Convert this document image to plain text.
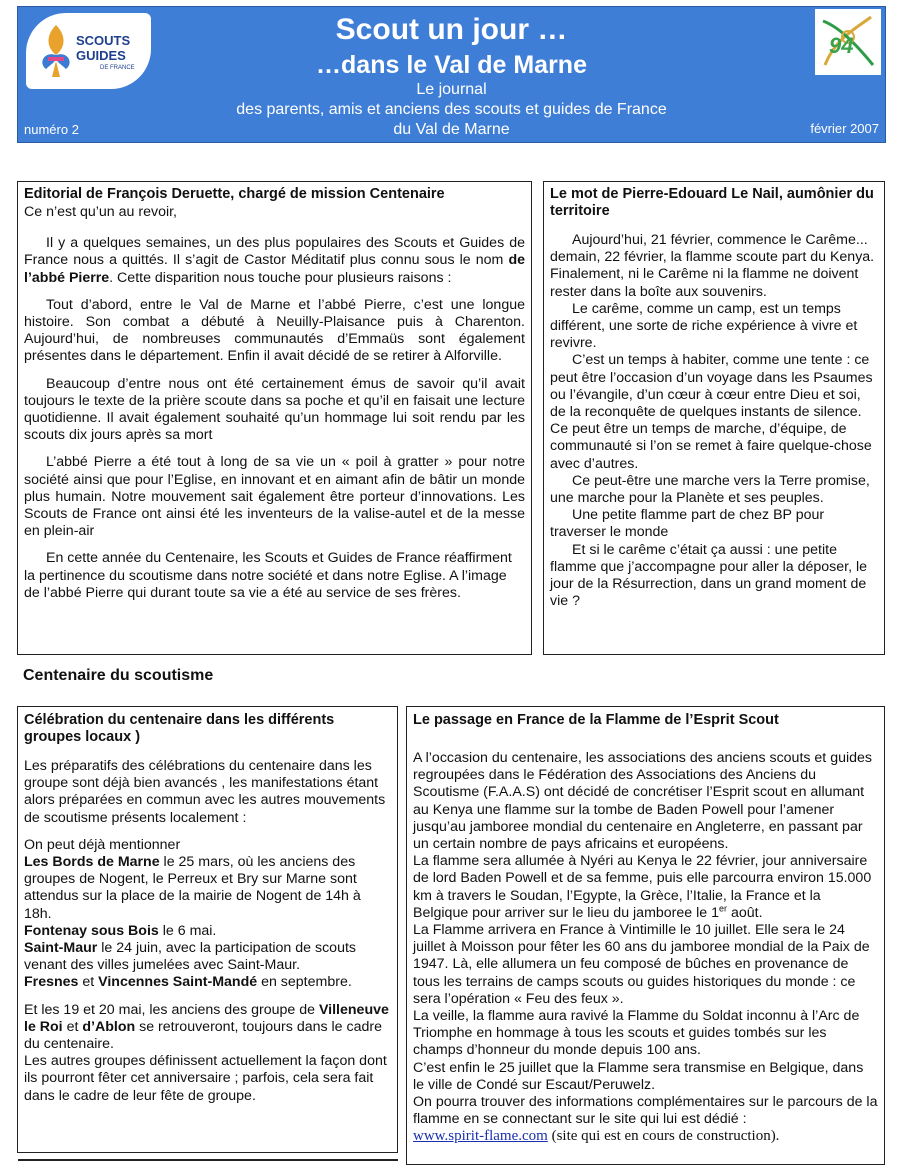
SCOUTS
GUIDES
DE FRANCE
Scout un jour …
…dans le Val de Marne
Le journal
des parents, amis et anciens des scouts et guides de France
du Val de Marne
94
numéro 2	février 2007
Editorial de François Deruette, chargé de mission Centenaire

Ce n’est qu’un au revoir,

Il y a quelques semaines, un des plus populaires des Scouts et Guides de France nous a quittés. Il s’agit de Castor Méditatif plus connu sous le nom de l’abbé Pierre. Cette disparition nous touche pour plusieurs raisons :

Tout d’abord, entre le Val de Marne et l’abbé Pierre, c’est une longue histoire. Son combat a débuté à Neuilly-Plaisance puis à Charenton. Aujourd’hui, de nombreuses communautés d’Emmaüs sont également présentes dans le département. Enfin il avait décidé de se retirer à Alforville.

Beaucoup d’entre nous ont été certainement émus de savoir qu’il avait toujours le texte de la prière scoute dans sa poche et qu’il en faisait une lecture quotidienne. Il avait également souhaité qu’un hommage lui soit rendu par les scouts dix jours après sa mort

L’abbé Pierre a été tout à long de sa vie un « poil à gratter » pour notre société ainsi que pour l’Eglise, en innovant et en aimant afin de bâtir un monde plus humain. Notre mouvement sait également être porteur d’innovations. Les Scouts de France ont ainsi été les inventeurs de la valise-autel et de la messe en plein-air

En cette année du Centenaire, les Scouts et Guides de France réaffirment la pertinence du scoutisme dans notre société et dans notre Eglise. A l’image de l’abbé Pierre qui durant toute sa vie a été au service de ses frères.

Le mot de Pierre-Edouard Le Nail, aumônier du territoire

Aujourd’hui, 21 février, commence le Carême... demain, 22 février, la flamme scoute part du Kenya.

Finalement, ni le Carême ni la flamme ne doivent rester dans la boîte aux souvenirs.

Le carême, comme un camp, est un temps différent, une sorte de riche expérience à vivre et revivre.

C’est un temps à habiter, comme une tente : ce peut être l’occasion d’un voyage dans les Psaumes ou l’évangile, d’un cœur à cœur entre Dieu et soi, de la reconquête de quelques instants de silence. Ce peut être un temps de marche, d’équipe, de communauté si l’on se remet à faire quelque-chose avec d’autres.

Ce peut-être une marche vers la Terre promise, une marche pour la Planète et ses peuples.

Une petite flamme part de chez BP pour traverser le monde

Et si le carême c’était ça aussi : une petite flamme que j’accompagne pour aller la déposer, le jour de la Résurrection, dans un grand moment de vie ?

Centenaire du scoutisme
Célébration du centenaire dans les différents groupes locaux )

Les préparatifs des célébrations du centenaire dans les groupe sont déjà bien avancés , les manifestations étant alors préparées en commun avec les autres mouvements de scoutisme présents localement :

On peut déjà mentionner

Les Bords de Marne le 25 mars, où les anciens des groupes de Nogent, le Perreux et Bry sur Marne sont attendus sur la place de la mairie de Nogent de 14h à 18h.

Fontenay sous Bois le 6 mai.

Saint-Maur le 24 juin, avec la participation de scouts venant des villes jumelées avec Saint-Maur.

Fresnes et Vincennes Saint-Mandé en septembre.

Et les 19 et 20 mai, les anciens des groupe de Villeneuve le Roi et d’Ablon se retrouveront, toujours dans le cadre du centenaire.

Les autres groupes définissent actuellement la façon dont ils pourront fêter cet anniversaire ; parfois, cela sera fait dans le cadre de leur fête de groupe.

Le passage en France de la Flamme de l’Esprit Scout

A l’occasion du centenaire, les associations des anciens scouts et guides regroupées dans le Fédération des Associations des Anciens du Scoutisme (F.A.A.S) ont décidé de concrétiser l’Esprit scout en allumant au Kenya une flamme sur la tombe de Baden Powell pour l’amener jusqu’au jamboree mondial du centenaire en Angleterre, en passant par un certain nombre de pays africains et européens.

La flamme sera allumée à Nyéri au Kenya le 22 février, jour anniversaire de lord Baden Powell et de sa femme, puis elle parcourra environ 15.000 km à travers le Soudan, l’Egypte, la Grèce, l’Italie, la France et la Belgique pour arriver sur le lieu du jamboree le 1er août.

La Flamme arrivera en France à Vintimille le 10 juillet. Elle sera le 24 juillet à Moisson pour fêter les 60 ans du jamboree mondial de la Paix de 1947. Là, elle allumera un feu composé de bûches en provenance de tous les terrains de camps scouts ou guides historiques du monde : ce sera l’opération « Feu des feux ».

La veille, la flamme aura ravivé la Flamme du Soldat inconnu à l’Arc de Triomphe en hommage à tous les scouts et guides tombés sur les champs d’honneur du monde depuis 100 ans.

C’est enfin le 25 juillet que la Flamme sera transmise en Belgique, dans le ville de Condé sur Escaut/Peruwelz.

On pourra trouver des informations complémentaires sur le parcours de la flamme en se connectant sur le site qui lui est dédié :

www.spirit-flame.com (site qui est en cours de construction).
